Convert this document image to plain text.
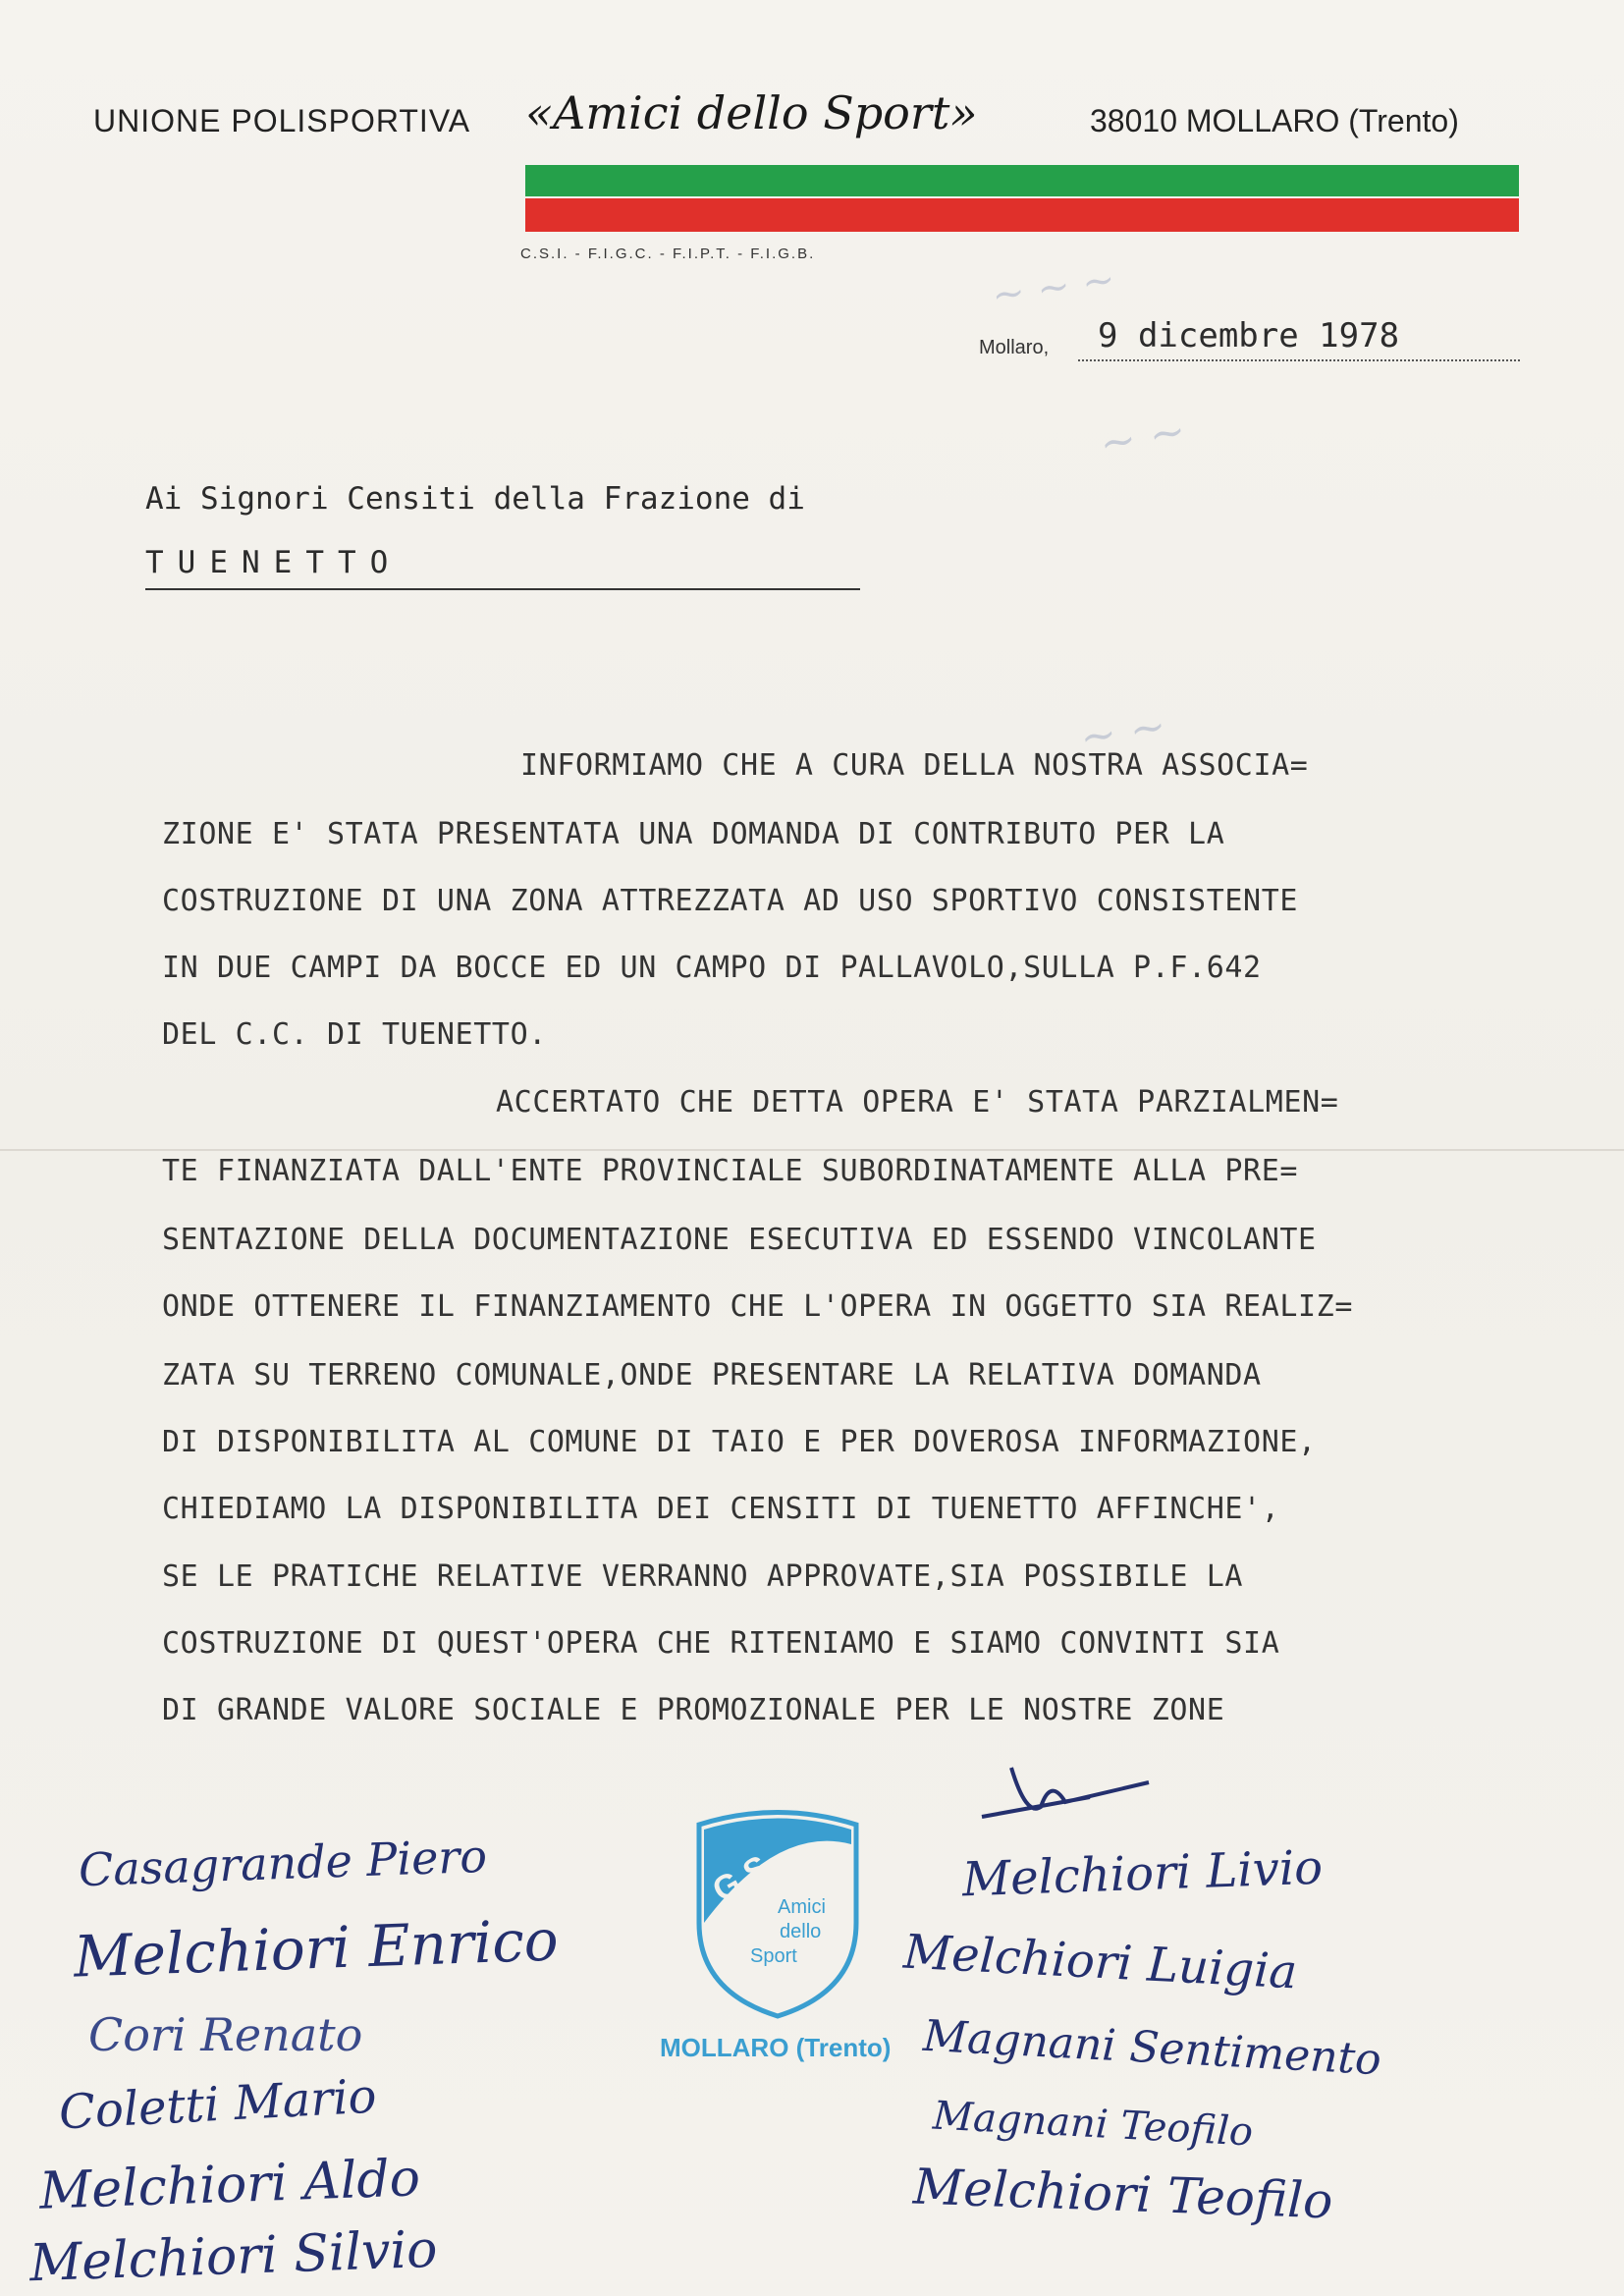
UNIONE POLISPORTIVA «Amici dello Sport»	38010 MOLLARO (Trento)
C.S.I. - F.I.G.C. - F.I.P.T. - F.I.G.B.
~ ~ ~
~ ~
~ ~
Mollaro,	9 dicembre 1978
Ai Signori Censiti della Frazione di
TUENETTO
INFORMIAMO CHE A CURA DELLA NOSTRA ASSOCIA=
ZIONE E' STATA PRESENTATA UNA DOMANDA DI CONTRIBUTO PER LA
COSTRUZIONE DI UNA ZONA ATTREZZATA AD USO SPORTIVO CONSISTENTE
IN DUE CAMPI DA BOCCE ED UN CAMPO DI PALLAVOLO,SULLA P.F.642
DEL C.C. DI TUENETTO.
ACCERTATO CHE DETTA OPERA E' STATA PARZIALMEN=
TE FINANZIATA DALL'ENTE PROVINCIALE SUBORDINATAMENTE ALLA PRE=
SENTAZIONE DELLA DOCUMENTAZIONE ESECUTIVA ED ESSENDO VINCOLANTE
ONDE OTTENERE IL FINANZIAMENTO CHE L'OPERA IN OGGETTO SIA REALIZ=
ZATA SU TERRENO COMUNALE,ONDE PRESENTARE LA RELATIVA DOMANDA
DI DISPONIBILITA AL COMUNE DI TAIO E PER DOVEROSA INFORMAZIONE,
CHIEDIAMO LA DISPONIBILITA DEI CENSITI DI TUENETTO AFFINCHE',
SE LE PRATICHE RELATIVE VERRANNO APPROVATE,SIA POSSIBILE LA
COSTRUZIONE DI QUEST'OPERA CHE RITENIAMO E SIAMO CONVINTI SIA
DI GRANDE VALORE SOCIALE E PROMOZIONALE PER LE NOSTRE ZONE
G.S.
Amici
dello
Sport
MOLLARO (Trento)
Casagrande Piero
Melchiori Enrico
Cori Renato
Coletti Mario
Melchiori Aldo
Melchiori Silvio
Melchiori Livio
Melchiori Luigia
Magnani Sentimento
Magnani Teofilo
Melchiori Teofilo
